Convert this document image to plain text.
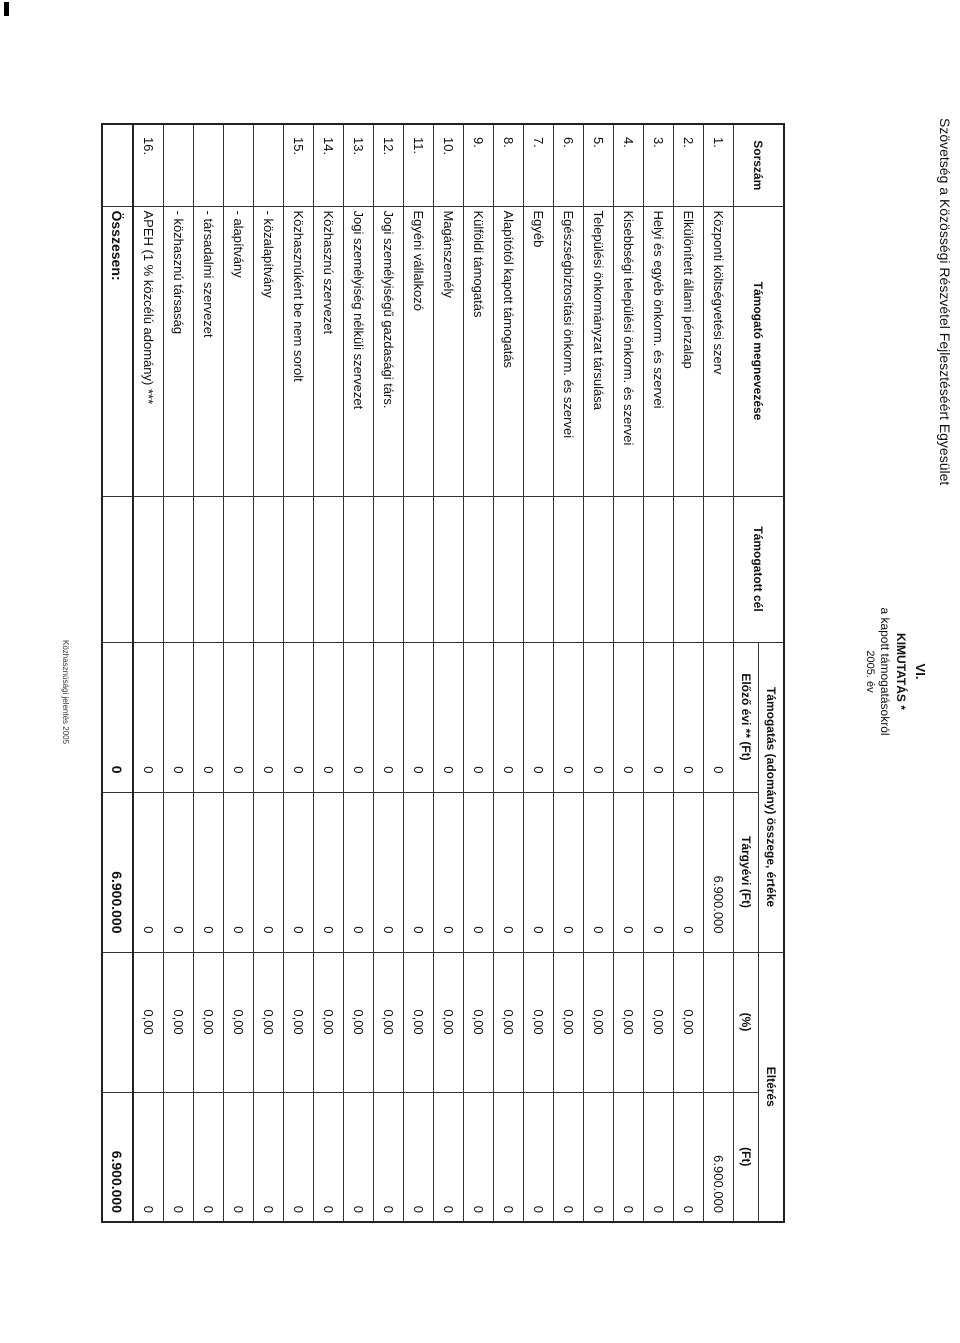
Szövetség a Közösségi Részvétel Fejlesztéséért Egyesület
VI.
KIMUTATÁS *
a kapott támogatásokról
2005. év
Sorszám	Támogató megnevezése	Támogatott cél	Támogatás (adomány) összege, értéke		Eltérés	
			Előző évi ** (Ft)	Tárgyévi (Ft)	(%)	(Ft)
1.	Központi költségvetési szerv		0	6.900.000		6.900.000
2.	Elkülönített állami pénzalap		0	0	0,00	0
3.	Helyi és egyéb önkorm. és szervei		0	0	0,00	0
4.	Kisebbségi települési önkorm. és szervei		0	0	0,00	0
5.	Települési önkormányzat társulása		0	0	0,00	0
6.	Egészségbiztosítási önkorm. és szervei		0	0	0,00	0
7.	Egyéb		0	0	0,00	0
8.	Alapítótól kapott támogatás		0	0	0,00	0
9.	Külföldi támogatás		0	0	0,00	0
10.	Magánszemély		0	0	0,00	0
11.	Egyéni vállalkozó		0	0	0,00	0
12.	Jogi személyiségű gazdasági társ.		0	0	0,00	0
13.	Jogi személyiség nélküli szervezet		0	0	0,00	0
14.	Közhasznú szervezet		0	0	0,00	0
15.	Közhasznúként be nem sorolt		0	0	0,00	0
	- közalapítvány		0	0	0,00	0
	- alapítvány		0	0	0,00	0
	- társadalmi szervezet		0	0	0,00	0
	- közhasznú társaság		0	0	0,00	0
16.	APEH (1 % közcélú adomány) ***		0	0	0,00	0
	Összesen:		0	6.900.000		6.900.000
Közhasznúsági jelentés 2005
